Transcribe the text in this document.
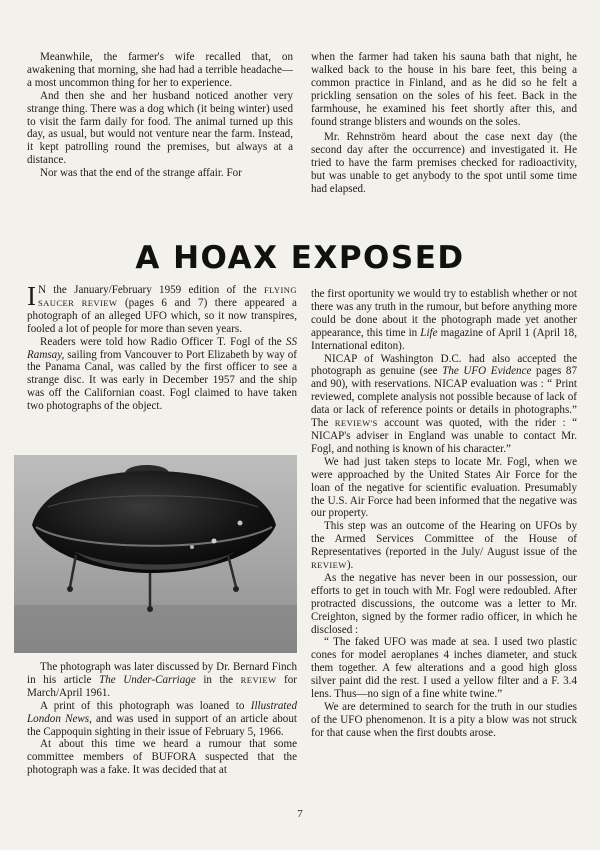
Meanwhile, the farmer's wife recalled that, on awakening that morning, she had had a terrible headache—a most uncommon thing for her to experience.

And then she and her husband noticed another very strange thing. There was a dog which (it being winter) used to visit the farm daily for food. The animal turned up this day, as usual, but would not venture near the farm. Instead, it kept patrolling round the premises, but always at a distance.

Nor was that the end of the strange affair. For

when the farmer had taken his sauna bath that night, he walked back to the house in his bare feet, this being a common practice in Finland, and as he did so he felt a prickling sensation on the soles of his feet. Back in the farmhouse, he examined his feet shortly after this, and found strange blisters and wounds on the soles.

Mr. Rehnström heard about the case next day (the second day after the occurrence) and investigated it. He tried to have the farm premises checked for radioactivity, but was unable to get anybody to the spot until some time had elapsed.

A HOAX EXPOSED

I N the January/February 1959 edition of the FLYING SAUCER REVIEW (pages 6 and 7) there appeared a photograph of an alleged UFO which, so it now transpires, fooled a lot of people for more than seven years.

Readers were told how Radio Officer T. Fogl of the SS Ramsay, sailing from Vancouver to Port Elizabeth by way of the Panama Canal, was called by the first officer to see a strange disc. It was early in December 1957 and the ship was off the Californian coast. Fogl claimed to have taken two photographs of the object.

The photograph was later discussed by Dr. Bernard Finch in his article The Under-Carriage in the REVIEW for March/April 1961.

A print of this photograph was loaned to Illustrated London News, and was used in support of an article about the Cappoquin sighting in their issue of February 5, 1966.

At about this time we heard a rumour that some committee members of BUFORA suspected that the photograph was a fake. It was decided that at

the first oportunity we would try to establish whether or not there was any truth in the rumour, but before anything more could be done about it the photograph made yet another appearance, this time in Life magazine of April 1 (April 18, International editon).

NICAP of Washington D.C. had also accepted the photograph as genuine (see The UFO Evidence pages 87 and 90), with reservations. NICAP evaluation was : “ Print reviewed, complete analysis not possible because of lack of data or lack of reference points or details in photographs.” The REVIEW'S account was quoted, with the rider : “ NICAP's adviser in England was unable to contact Mr. Fogl, and nothing is known of his character.”

We had just taken steps to locate Mr. Fogl, when we were approached by the United States Air Force for the loan of the negative for scientific evaluation. Presumably the U.S. Air Force had been informed that the negative was our property.

This step was an outcome of the Hearing on UFOs by the Armed Services Committee of the House of Representatives (reported in the July/ August issue of the REVIEW).

As the negative has never been in our possession, our efforts to get in touch with Mr. Fogl were redoubled. After protracted discussions, the outcome was a letter to Mr. Creighton, signed by the former radio officer, in which he disclosed :

“ The faked UFO was made at sea. I used two plastic cones for model aeroplanes 4 inches diameter, and stuck them together. A few alterations and a good high gloss silver paint did the rest. I used a yellow filter and a F. 3.4 lens. Thus—no sign of a fine white twine.”

We are determined to search for the truth in our studies of the UFO phenomenon. It is a pity a blow was not struck for that cause when the first doubts arose.

7
